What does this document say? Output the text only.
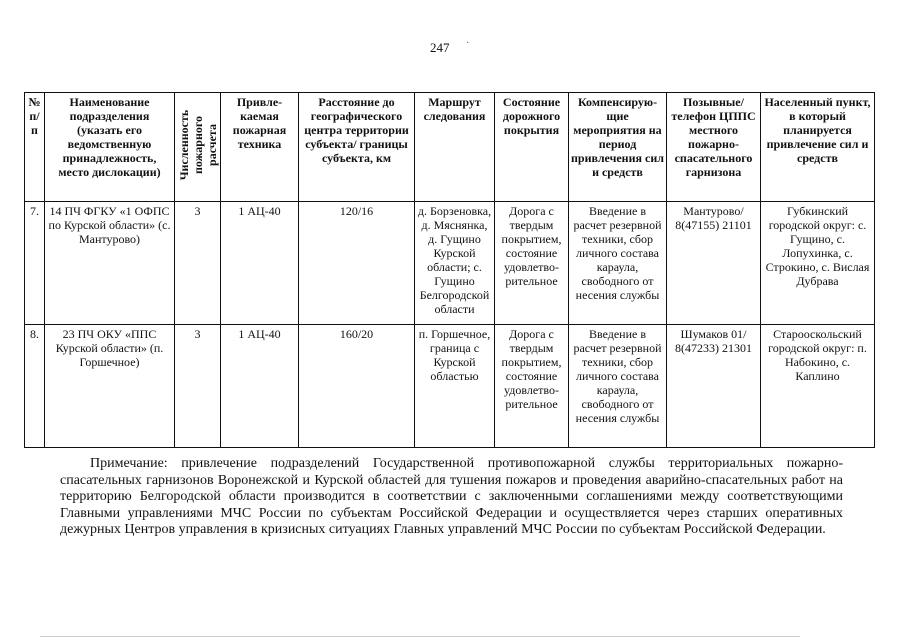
247 ·
№ п/п	Наименование подразделения (указать его ведомственную принадлежность, место дислокации)	Численность пожарного расчета	Привле-каемая пожарная техника	Расстояние до географического центра территории субъекта/ границы субъекта, км	Маршрут следования	Состояние дорожного покрытия	Компенсирую-щие мероприятия на период привлечения сил и средств	Позывные/ телефон ЦППС местного пожарно-спасательного гарнизона	Населенный пункт, в который планируется привлечение сил и средств
7.	14 ПЧ ФГКУ «1 ОФПС по Курской области» (с. Мантурово)	3	1 АЦ-40	120/16	д. Борзеновка, д. Мяснянка, д. Гущино Курской области; с. Гущино Белгородской области	Дорога с твердым покрытием, состояние удовлетво-рительное	Введение в расчет резервной техники, сбор личного состава караула, свободного от несения службы	Мантурово/ 8(47155) 21101	Губкинский городской округ: с. Гущино, с. Лопухинка, с. Строкино, с. Вислая Дубрава
8.	23 ПЧ ОКУ «ППС Курской области» (п. Горшечное)	3	1 АЦ-40	160/20	п. Горшечное, граница с Курской областью	Дорога с твердым покрытием, состояние удовлетво-рительное	Введение в расчет резервной техники, сбор личного состава караула, свободного от несения службы	Шумаков 01/ 8(47233) 21301	Старооскольский городской округ: п. Набокино, с. Каплино
Примечание: привлечение подразделений Государственной противопожарной службы территориальных пожарно-спасательных гарнизонов Воронежской и Курской областей для тушения пожаров и проведения аварийно-спасательных работ на территорию Белгородской области производится в соответствии с заключенными соглашениями между соответствующими Главными управлениями МЧС России по субъектам Российской Федерации и осуществляется через старших оперативных дежурных Центров управления в кризисных ситуациях Главных управлений МЧС России по субъектам Российской Федерации.
